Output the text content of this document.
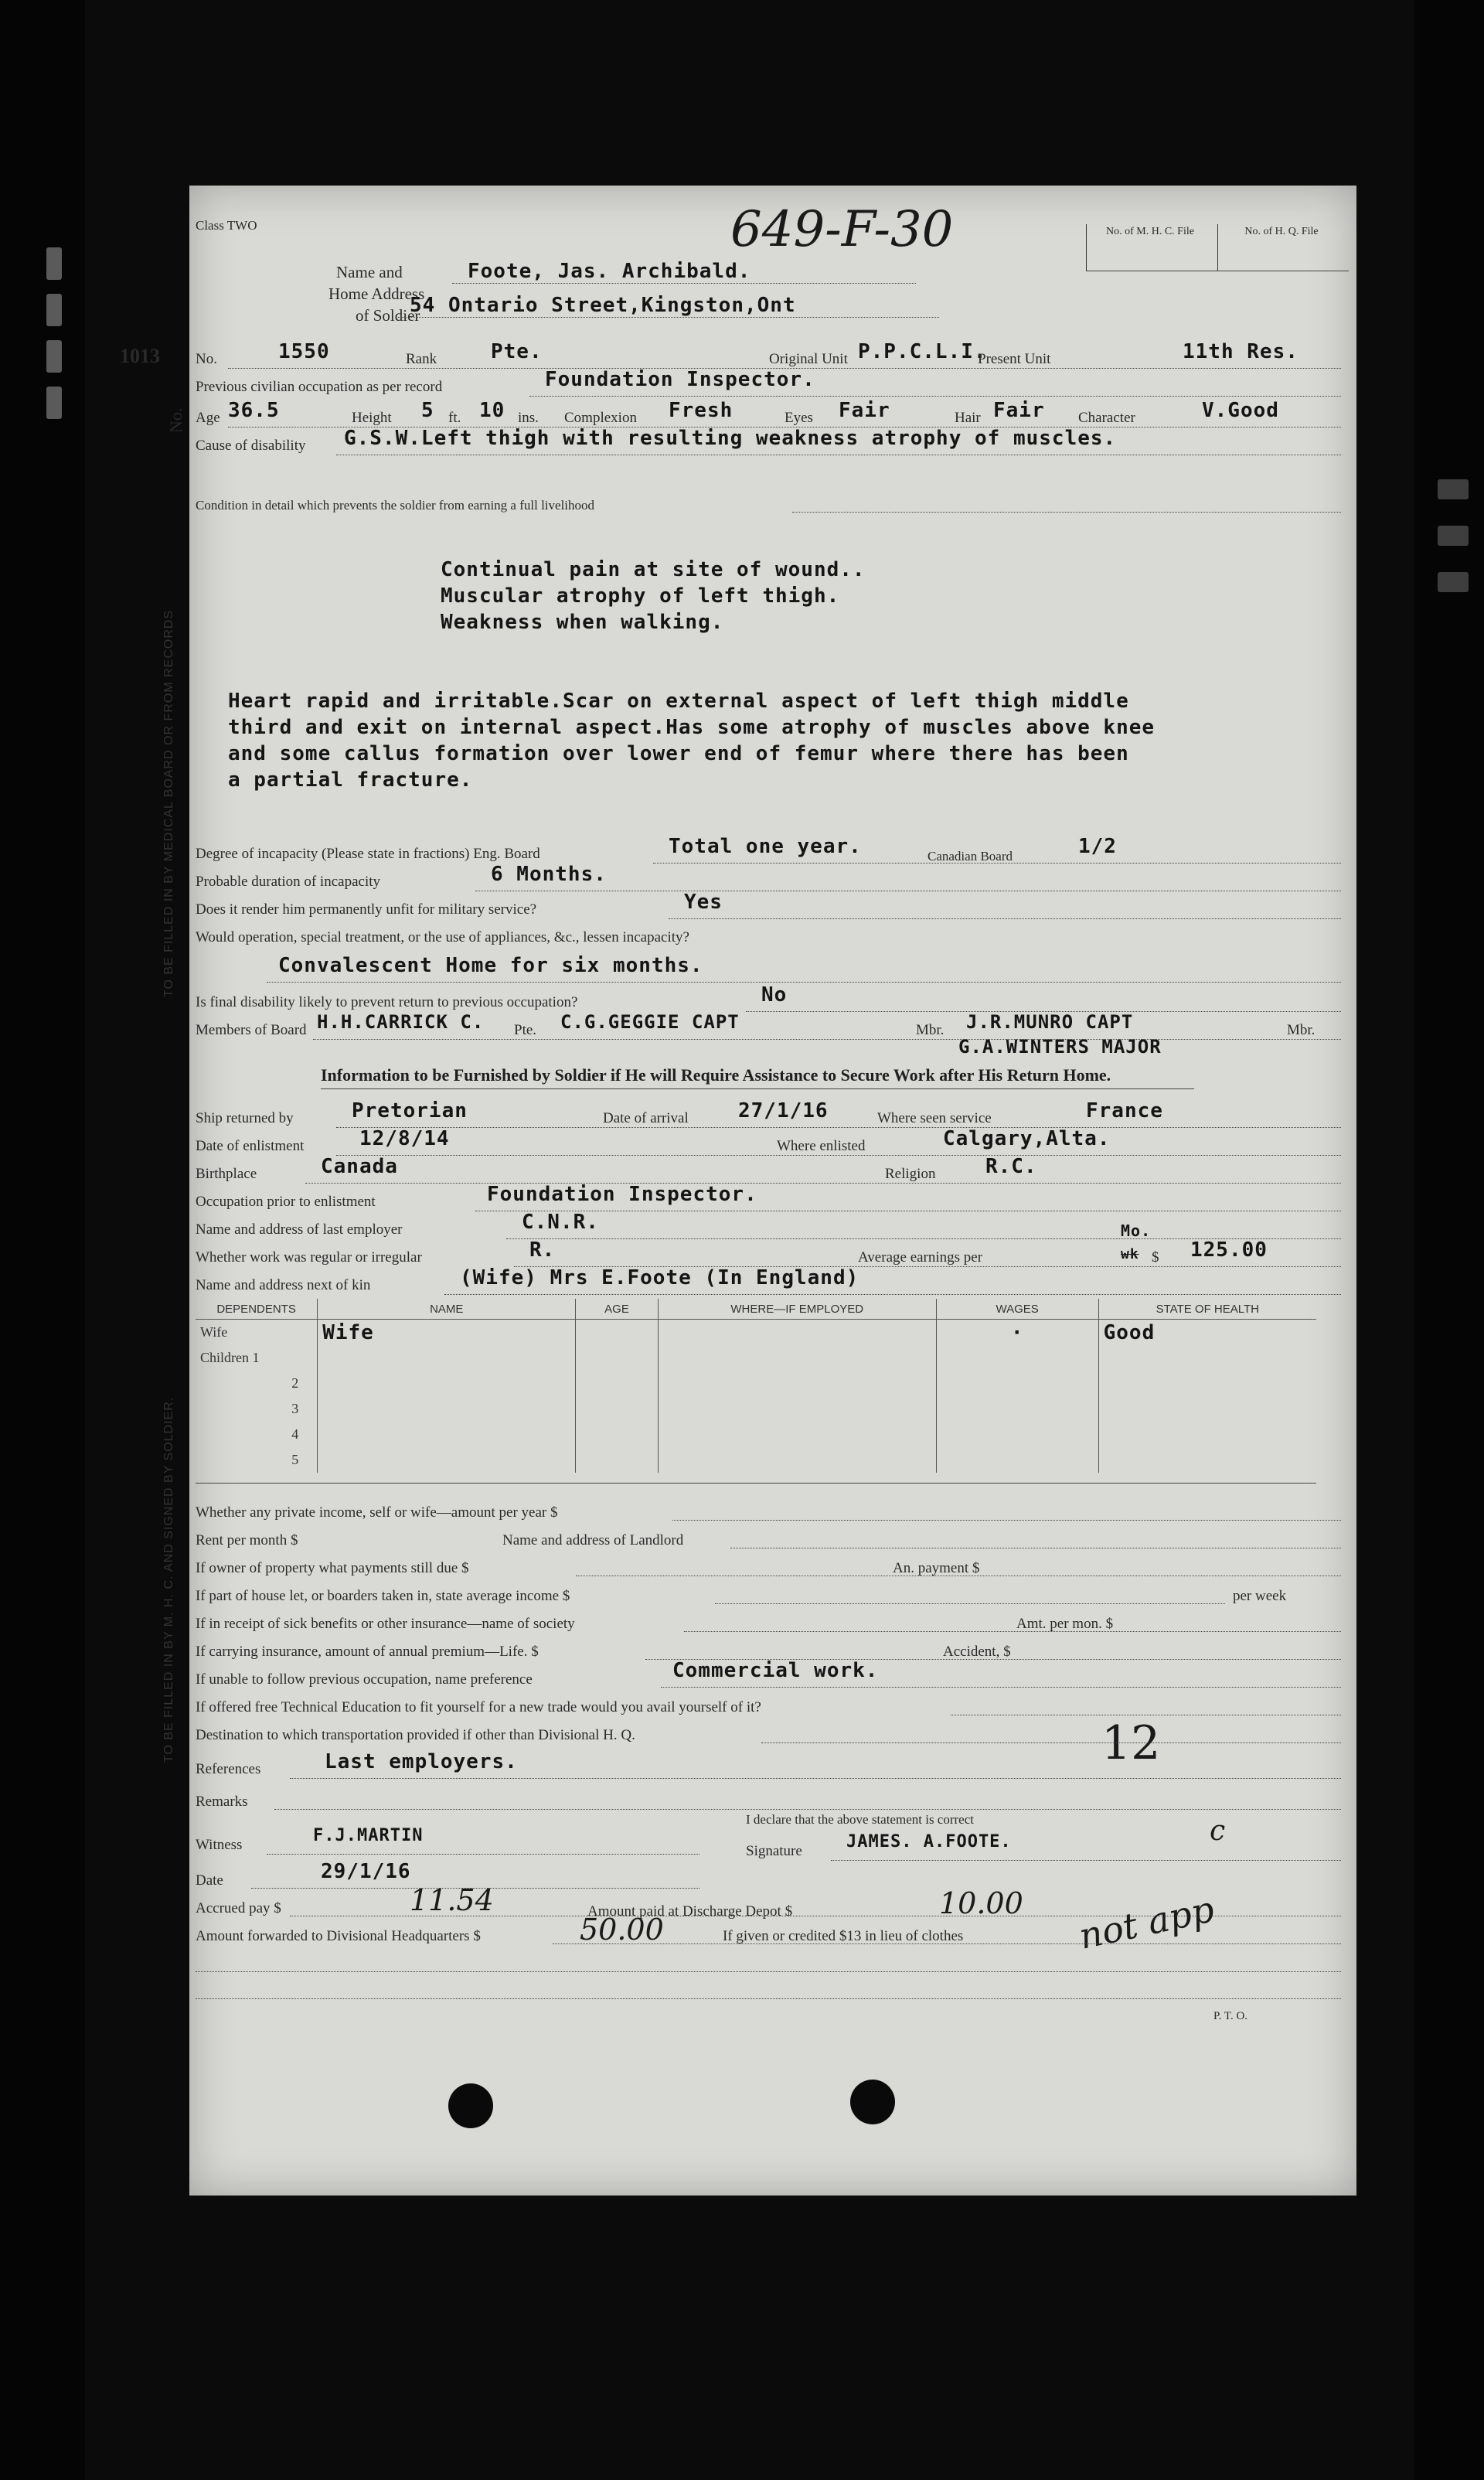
Class TWO	649-F-30	No. of M. H. C. File	No. of H. Q. File
1013
Name and
Home Address
of Soldier
Foote, Jas. Archibald.
54 Ontario Street,Kingston,Ont
No.	1550	Rank	Pte.	Original Unit P.P.C.L.I.
Present Unit	11th Res.
Previous civilian occupation as per record	Foundation Inspector.
Age 36.5	Height 5 ft. 10 ins. Complexion Fresh	Eyes Fair	Hair Fair Character	V.Good
Cause of disability G.S.W.Left thigh with resulting weakness atrophy of muscles.
No.
TO BE FILLED IN BY MEDICAL BOARD OR FROM RECORDS
TO BE FILLED IN BY M. H. C. AND SIGNED BY SOLDIER.
Condition in detail which prevents the soldier from earning a full livelihood
Continual pain at site of wound..
Muscular atrophy of left thigh.
Weakness when walking.
Heart rapid and irritable.Scar on external aspect of left thigh middle
third and exit on internal aspect.Has some atrophy of muscles above knee
and some callus formation over lower end of femur where there has been
a partial fracture.
Degree of incapacity (Please state in fractions) Eng. Board	Total one year.	Canadian Board	1/2
Probable duration of incapacity	6 Months.
Does it render him permanently unfit for military service?	Yes
Would operation, special treatment, or the use of appliances, &c., lessen incapacity?
Convalescent Home for six months.
Is final disability likely to prevent return to previous occupation?	No
Members of Board H.H.CARRICK C. Pte. C.G.GEGGIE CAPT	Mbr. J.R.MUNRO CAPT
G.A.WINTERS MAJOR
Mbr.
Information to be Furnished by Soldier if He will Require Assistance to Secure Work after His Return Home.
Ship returned by	Pretorian	Date of arrival 27/1/16	Where seen service	France
Date of enlistment	12/8/14	Where enlisted	Calgary,Alta.
Birthplace	Canada	Religion R.C.
Occupation prior to enlistment	Foundation Inspector.
Name and address of last employer	C.N.R.
Whether work was regular or irregular	R.	Average earnings per
Mo.
wk $ 125.00
Name and address next of kin	(Wife) Mrs E.Foote (In England)
DEPENDENTS	NAME	AGE	WHERE—IF EMPLOYED	WAGES	STATE OF HEALTH
Wife	Wife			·	Good
Children 1					
2					
3					
4					
5					
Whether any private income, self or wife—amount per year $
Rent per month $	Name and address of Landlord
If owner of property what payments still due $	An. payment $
If part of house let, or boarders taken in, state average income $	per week
If in receipt of sick benefits or other insurance—name of society	Amt. per mon. $
If carrying insurance, amount of annual premium—Life. $	Accident, $
If unable to follow previous occupation, name preference	Commercial work.
If offered free Technical Education to fit yourself for a new trade would you avail yourself of it?
Destination to which transportation provided if other than Divisional H. Q.	12
References	Last employers.
Remarks
I declare that the above statement is correct
Witness	F.J.MARTIN
Signature	JAMES. A.FOOTE.	c
Date	29/1/16
Accrued pay $	11.54	Amount paid at Discharge Depot $	10.00
Amount forwarded to Divisional Headquarters $	50.00	If given or credited $13 in lieu of clothes	not app
P. T. O.
